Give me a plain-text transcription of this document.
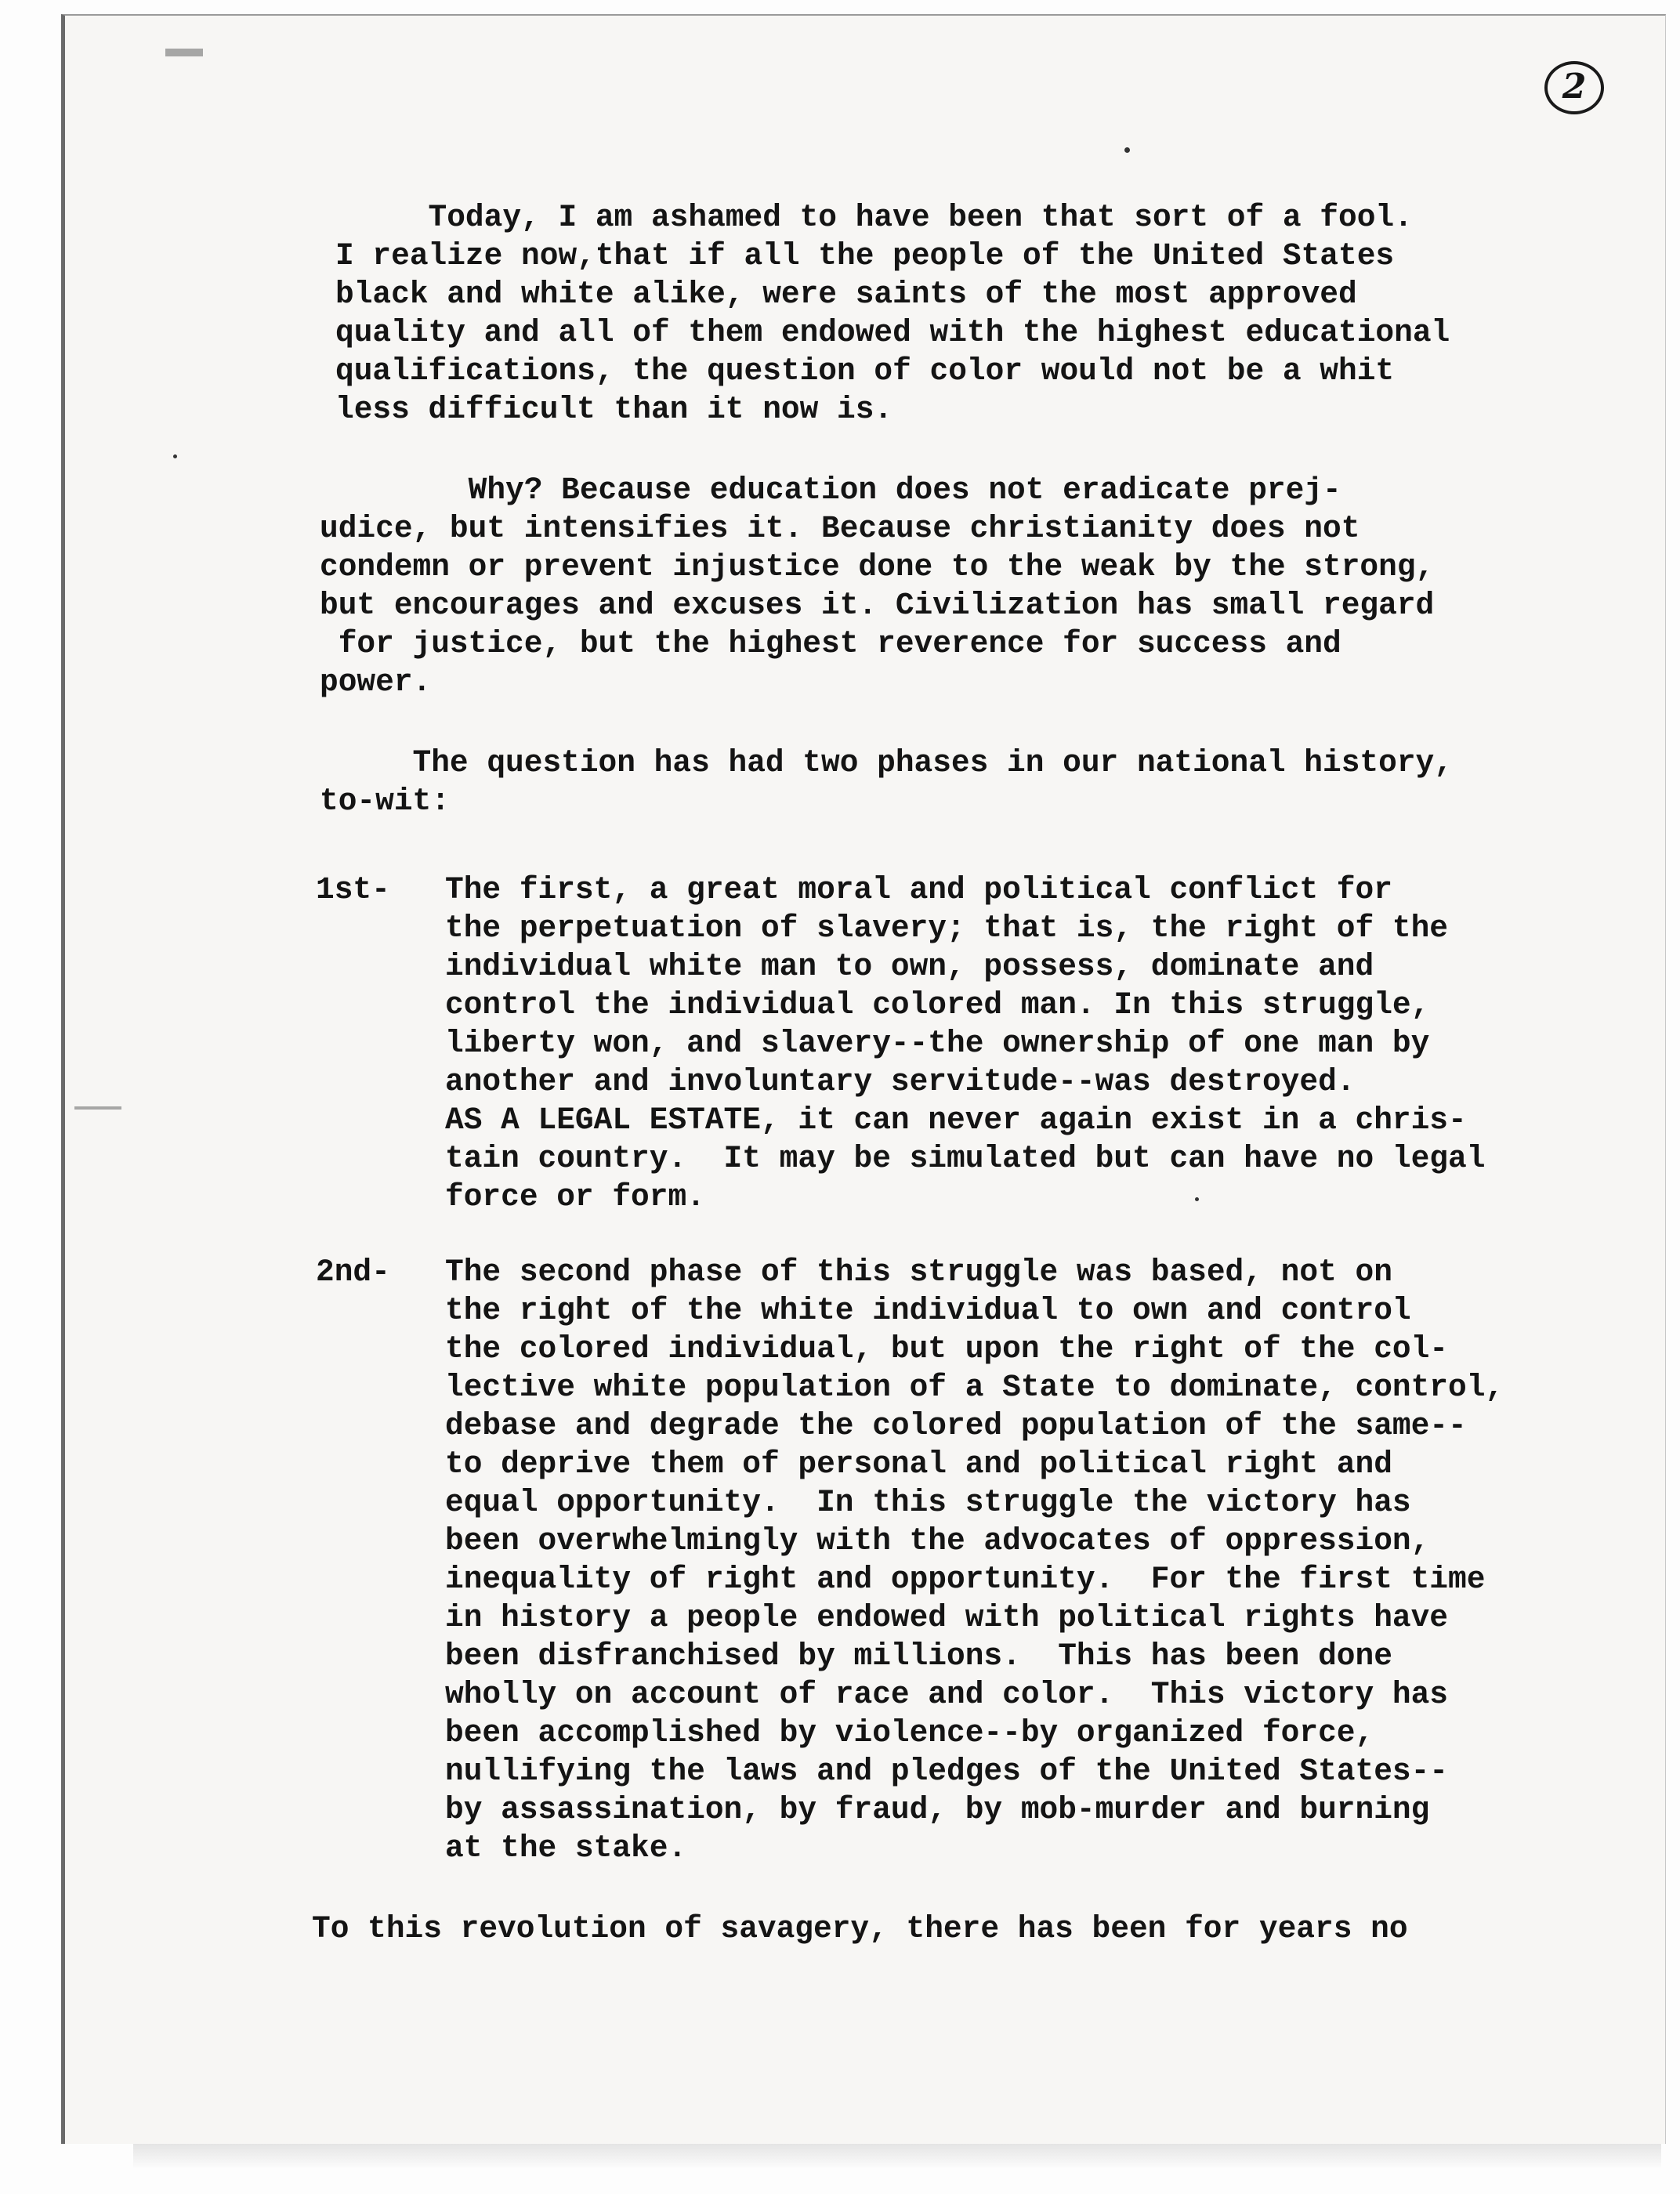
2
Today, I am ashamed to have been that sort of a fool.
I realize now,that if all the people of the United States
black and white alike, were saints of the most approved
quality and all of them endowed with the highest educational
qualifications, the question of color would not be a whit
less difficult than it now is.
Why? Because education does not eradicate prej-
udice, but intensifies it. Because christianity does not
condemn or prevent injustice done to the weak by the strong,
but encourages and excuses it. Civilization has small regard
for justice, but the highest reverence for success and
power.
The question has had two phases in our national history,
to-wit:
1st- The first, a great moral and political conflict for
the perpetuation of slavery; that is, the right of the
individual white man to own, possess, dominate and
control the individual colored man. In this struggle,
liberty won, and slavery--the ownership of one man by
another and involuntary servitude--was destroyed.
AS A LEGAL ESTATE, it can never again exist in a chris-
tain country.  It may be simulated but can have no legal
force or form.
2nd- The second phase of this struggle was based, not on
the right of the white individual to own and control
the colored individual, but upon the right of the col-
lective white population of a State to dominate, control,
debase and degrade the colored population of the same--
to deprive them of personal and political right and
equal opportunity.  In this struggle the victory has
been overwhelmingly with the advocates of oppression,
inequality of right and opportunity.  For the first time
in history a people endowed with political rights have
been disfranchised by millions.  This has been done
wholly on account of race and color.  This victory has
been accomplished by violence--by organized force,
nullifying the laws and pledges of the United States--
by assassination, by fraud, by mob-murder and burning
at the stake.
To this revolution of savagery, there has been for years no
